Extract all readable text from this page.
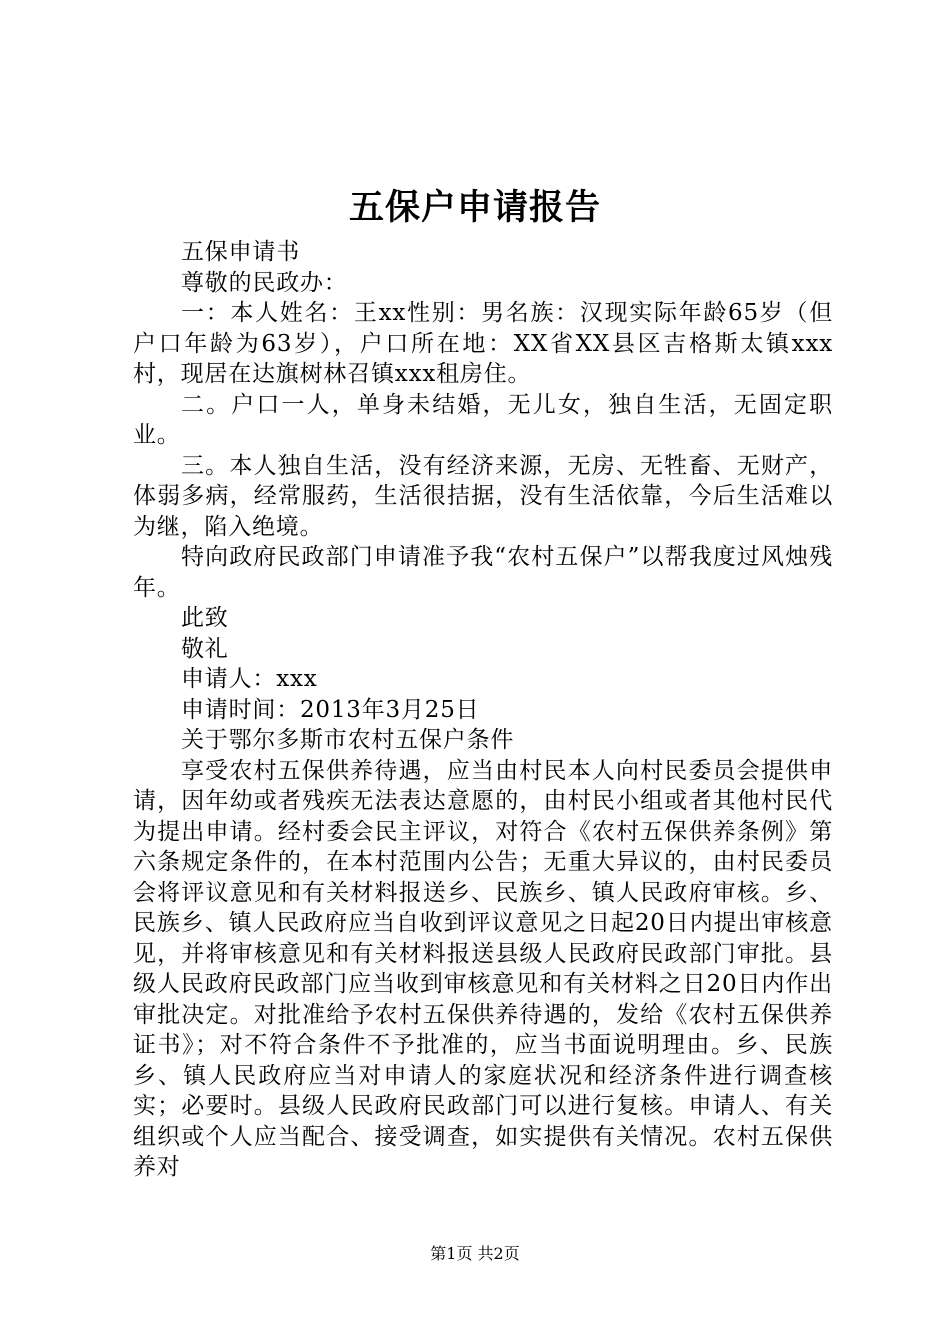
五保户申请报告

五保申请书

尊敬的民政办：

一：本人姓名：王xx性别：男名族：汉现实际年龄65岁（但户口年龄为63岁），户口所在地：XX省XX县区吉格斯太镇xxx村，现居在达旗树林召镇xxx租房住。

二。户口一人，单身未结婚，无儿女，独自生活，无固定职业。

三。本人独自生活，没有经济来源，无房、无牲畜、无财产，体弱多病，经常服药，生活很拮据，没有生活依靠，今后生活难以为继，陷入绝境。

特向政府民政部门申请准予我“农村五保户”以帮我度过风烛残年。

此致

敬礼

申请人：xxx

申请时间：2013年3月25日

关于鄂尔多斯市农村五保户条件

享受农村五保供养待遇，应当由村民本人向村民委员会提供申请，因年幼或者残疾无法表达意愿的，由村民小组或者其他村民代为提出申请。经村委会民主评议，对符合《农村五保供养条例》第六条规定条件的，在本村范围内公告；无重大异议的，由村民委员会将评议意见和有关材料报送乡、民族乡、镇人民政府审核。乡、民族乡、镇人民政府应当自收到评议意见之日起20日内提出审核意见，并将审核意见和有关材料报送县级人民政府民政部门审批。县级人民政府民政部门应当收到审核意见和有关材料之日20日内作出审批决定。对批准给予农村五保供养待遇的，发给《农村五保供养证书》；对不符合条件不予批准的，应当书面说明理由。乡、民族乡、镇人民政府应当对申请人的家庭状况和经济条件进行调查核实；必要时。县级人民政府民政部门可以进行复核。申请人、有关组织或个人应当配合、接受调查，如实提供有关情况。农村五保供养对

第1页 共2页
